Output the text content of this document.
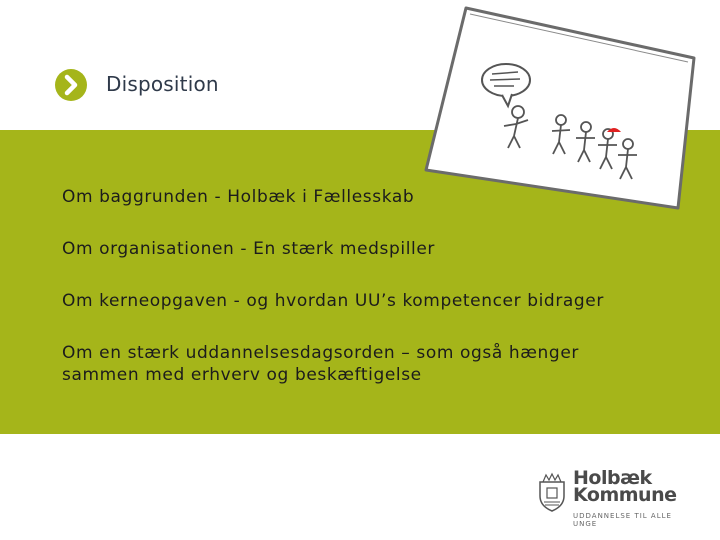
Disposition
Om baggrunden - Holbæk i Fællesskab
Om organisationen - En stærk medspiller
Om kerneopgaven - og hvordan UU’s kompetencer bidrager
Om en stærk uddannelsesdagsorden – som også hænger
sammen med erhverv og beskæftigelse
Holbæk
Kommune
UDDANNELSE TIL ALLE UNGE
